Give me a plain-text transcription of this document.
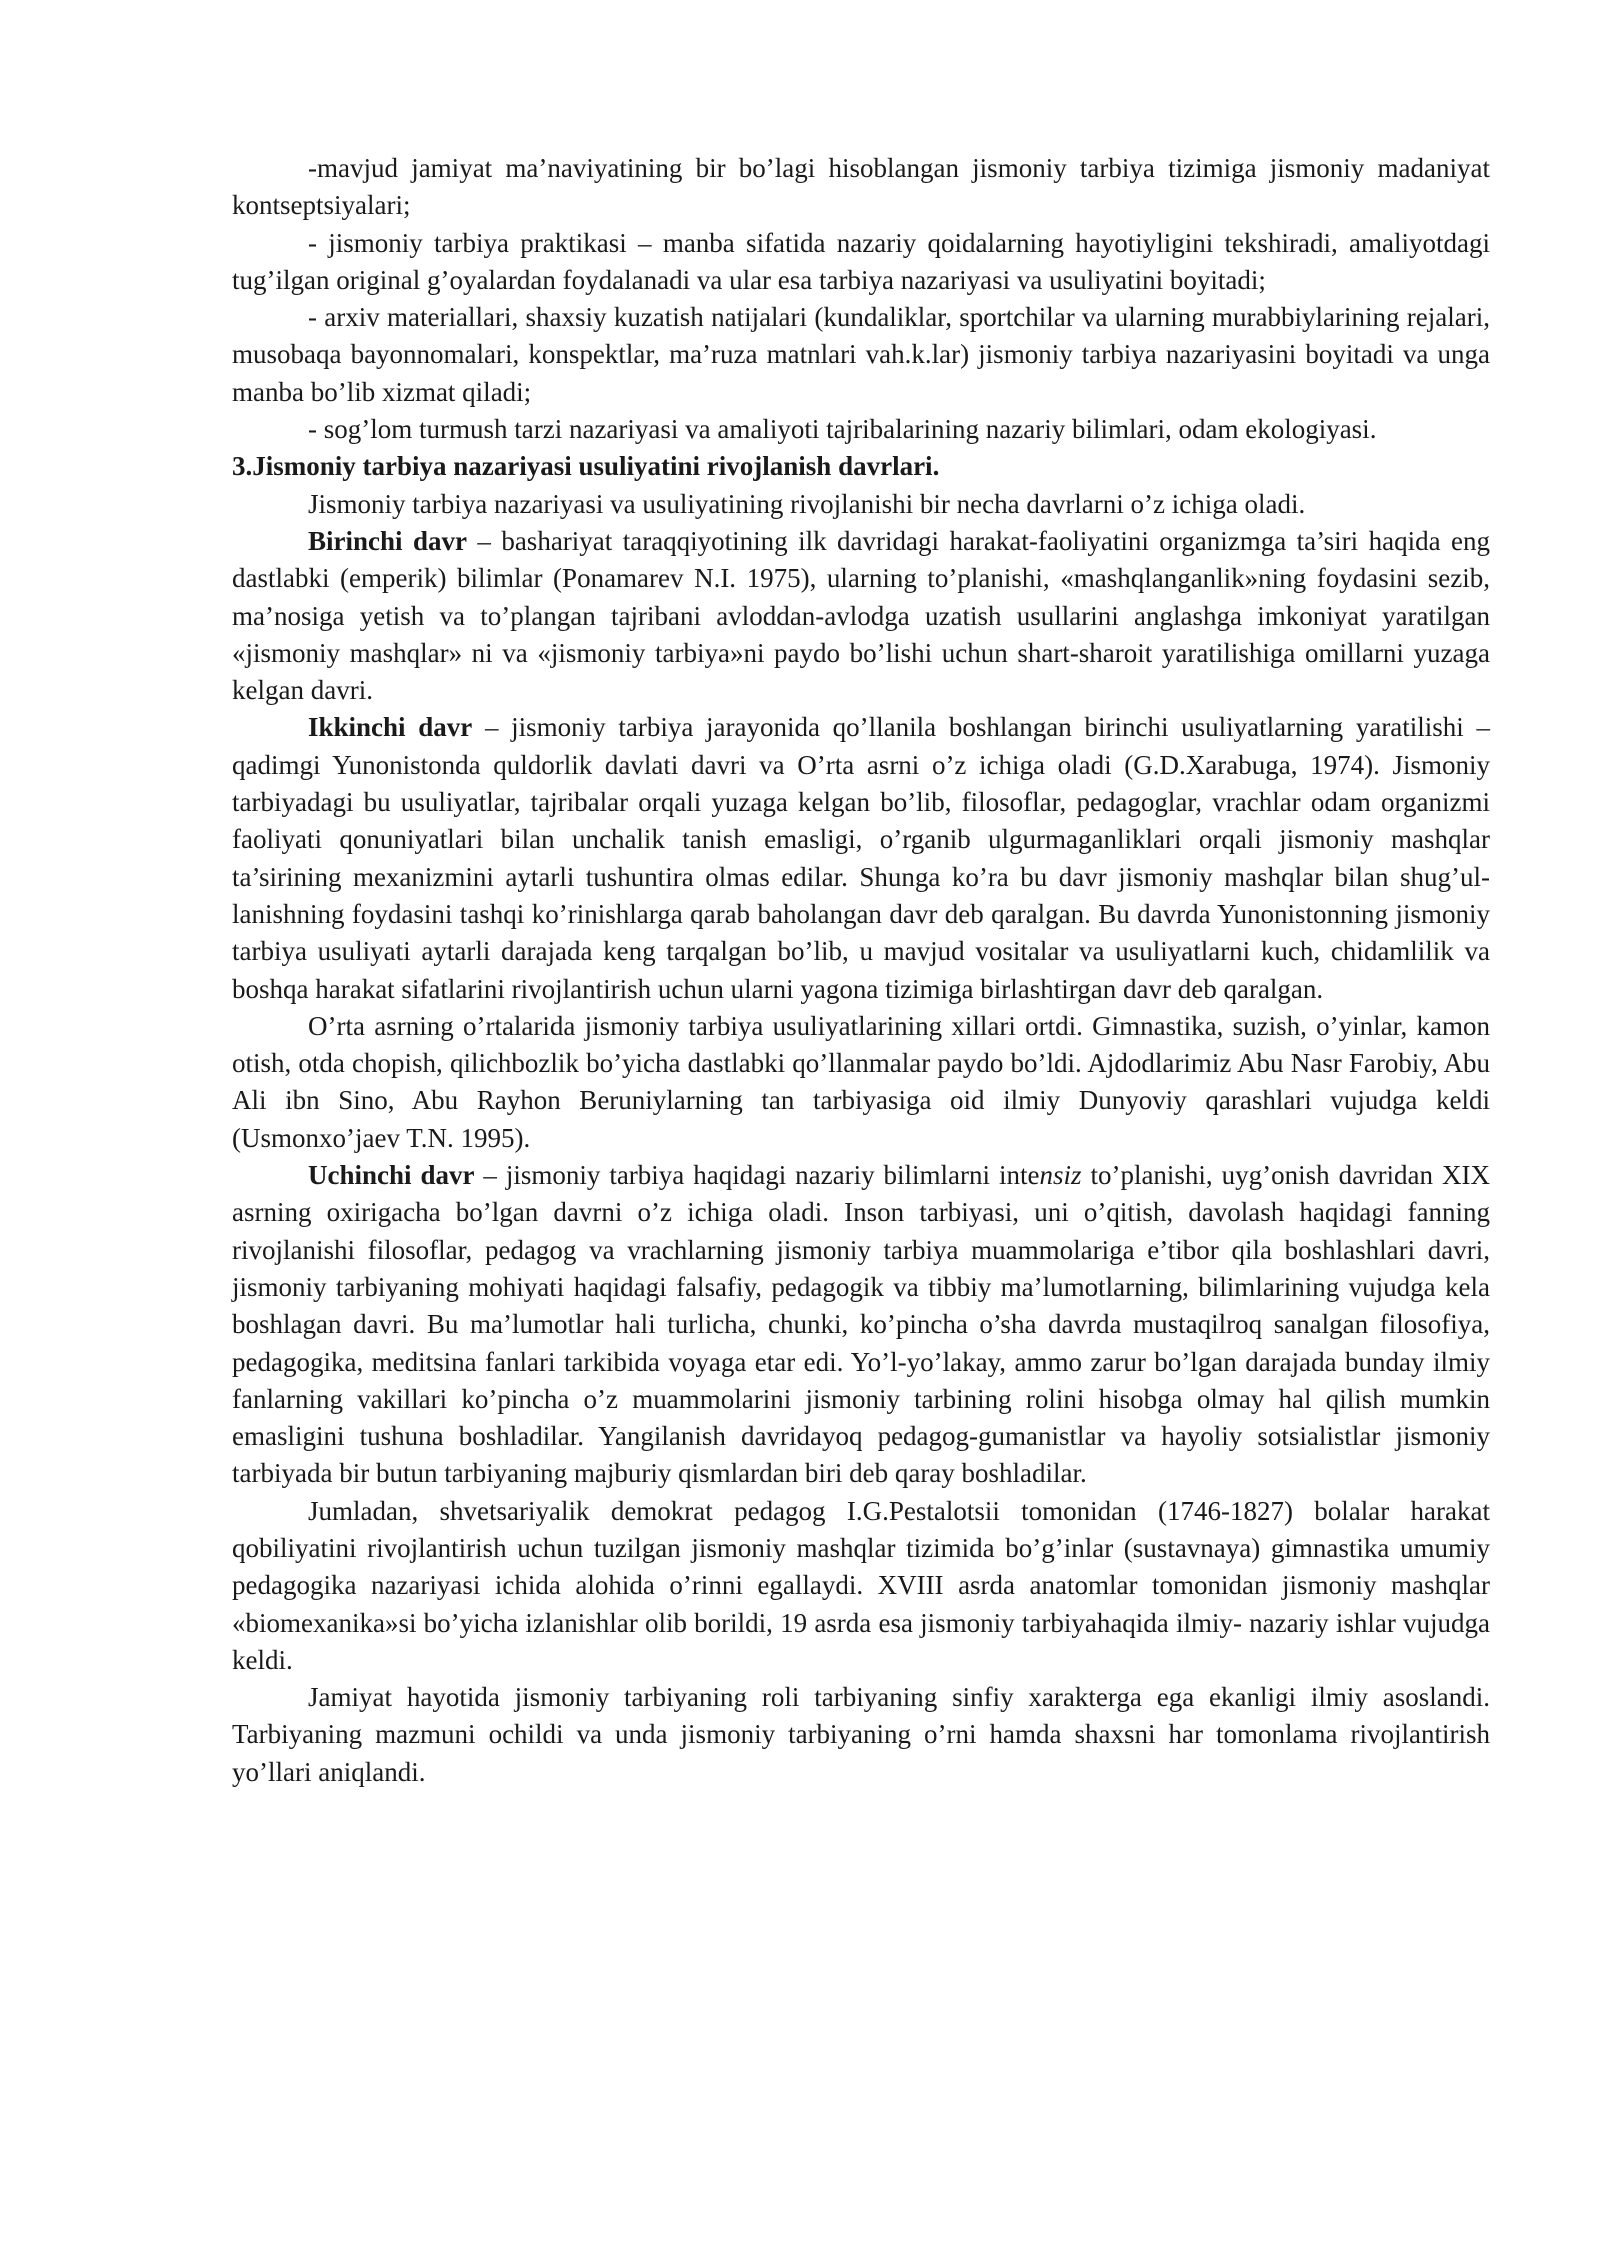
-mavjud jamiyat ma’naviyatining bir bo’lagi hisoblangan jismoniy tarbiya tizimiga jismoniy madaniyat kontseptsiyalari;

- jismoniy tarbiya praktikasi – manba sifatida nazariy qoidalarning hayotiyligini tekshiradi, amaliyotdagi tug’ilgan original g’oyalardan foydalanadi va ular esa tarbiya nazariyasi va usuliyatini boyitadi;

- arxiv materiallari, shaxsiy kuzatish natijalari (kundaliklar, sportchilar va ularning murabbiylarining rejalari, musobaqa bayonnomalari, konspektlar, ma’ruza matnlari vah.k.lar) jismoniy tarbiya nazariyasini boyitadi va unga manba bo’lib xizmat qiladi;

- sog’lom turmush tarzi nazariyasi va amaliyoti tajribalarining nazariy bilimlari, odam ekologiyasi.

3.Jismoniy tarbiya nazariyasi usuliyatini rivojlanish davrlari.

Jismoniy tarbiya nazariyasi va usuliyatining rivojlanishi bir necha davrlarni o’z ichiga oladi.

Birinchi davr – bashariyat taraqqiyotining ilk davridagi harakat-faoliyatini organizmga ta’siri haqida eng dastlabki (emperik) bilimlar (Ponamarev N.I. 1975), ularning to’planishi, «mashqlanganlik»ning foydasini sezib, ma’nosiga yetish va to’plangan tajribani avloddan-avlodga uzatish usullarini anglashga imkoniyat yaratilgan «jismoniy mashqlar» ni va «jismoniy tarbiya»ni paydo bo’lishi uchun shart-sharoit yaratilishiga omillarni yuzaga kelgan davri.

Ikkinchi davr – jismoniy tarbiya jarayonida qo’llanila boshlangan birinchi usuliyatlarning yaratilishi – qadimgi Yunonistonda quldorlik davlati davri va O’rta asrni o’z ichiga oladi (G.D.Xarabuga, 1974). Jismoniy tarbiyadagi bu usuliyatlar, tajribalar orqali yuzaga kelgan bo’lib, filosoflar, pedagoglar, vrachlar odam organizmi faoliyati qonuniyatlari bilan unchalik tanish emasligi, o’rganib ulgurmaganliklari orqali jismoniy mashqlar ta’sirining mexanizmini aytarli tushuntira olmas edilar. Shunga ko’ra bu davr jismoniy mashqlar bilan shug’ul-lanishning foydasini tashqi ko’rinishlarga qarab baholangan davr deb qaralgan. Bu davrda Yunonistonning jismoniy tarbiya usuliyati aytarli darajada keng tarqalgan bo’lib, u mavjud vositalar va usuliyatlarni kuch, chidamlilik va boshqa harakat sifatlarini rivojlantirish uchun ularni yagona tizimiga birlashtirgan davr deb qaralgan.

O’rta asrning o’rtalarida jismoniy tarbiya usuliyatlarining xillari ortdi. Gimnastika, suzish, o’yinlar, kamon otish, otda chopish, qilichbozlik bo’yicha dastlabki qo’llanmalar paydo bo’ldi. Ajdodlarimiz Abu Nasr Farobiy, Abu Ali ibn Sino, Abu Rayhon Beruniylarning tan tarbiyasiga oid ilmiy Dunyoviy qarashlari vujudga keldi (Usmonxo’jaev T.N. 1995).

Uchinchi davr – jismoniy tarbiya haqidagi nazariy bilimlarni intensiz to’planishi, uyg’onish davridan XIX asrning oxirigacha bo’lgan davrni o’z ichiga oladi. Inson tarbiyasi, uni o’qitish, davolash haqidagi fanning rivojlanishi filosoflar, pedagog va vrachlarning jismoniy tarbiya muammolariga e’tibor qila boshlashlari davri, jismoniy tarbiyaning mohiyati haqidagi falsafiy, pedagogik va tibbiy ma’lumotlarning, bilimlarining vujudga kela boshlagan davri. Bu ma’lumotlar hali turlicha, chunki, ko’pincha o’sha davrda mustaqilroq sanalgan filosofiya, pedagogika, meditsina fanlari tarkibida voyaga etar edi. Yo’l-yo’lakay, ammo zarur bo’lgan darajada bunday ilmiy fanlarning vakillari ko’pincha o’z muammolarini jismoniy tarbining rolini hisobga olmay hal qilish mumkin emasligini tushuna boshladilar. Yangilanish davridayoq pedagog-gumanistlar va hayoliy sotsialistlar jismoniy tarbiyada bir butun tarbiyaning majburiy qismlardan biri deb qaray boshladilar.

Jumladan, shvetsariyalik demokrat pedagog I.G.Pestalotsii tomonidan (1746-1827) bolalar harakat qobiliyatini rivojlantirish uchun tuzilgan jismoniy mashqlar tizimida bo’g’inlar (sustavnaya) gimnastika umumiy pedagogika nazariyasi ichida alohida o’rinni egallaydi. XVIII asrda anatomlar tomonidan jismoniy mashqlar «biomexanika»si bo’yicha izlanishlar olib borildi, 19 asrda esa jismoniy tarbiyahaqida ilmiy- nazariy ishlar vujudga keldi.

Jamiyat hayotida jismoniy tarbiyaning roli tarbiyaning sinfiy xarakterga ega ekanligi ilmiy asoslandi. Tarbiyaning mazmuni ochildi va unda jismoniy tarbiyaning o’rni hamda shaxsni har tomonlama rivojlantirish yo’llari aniqlandi.
